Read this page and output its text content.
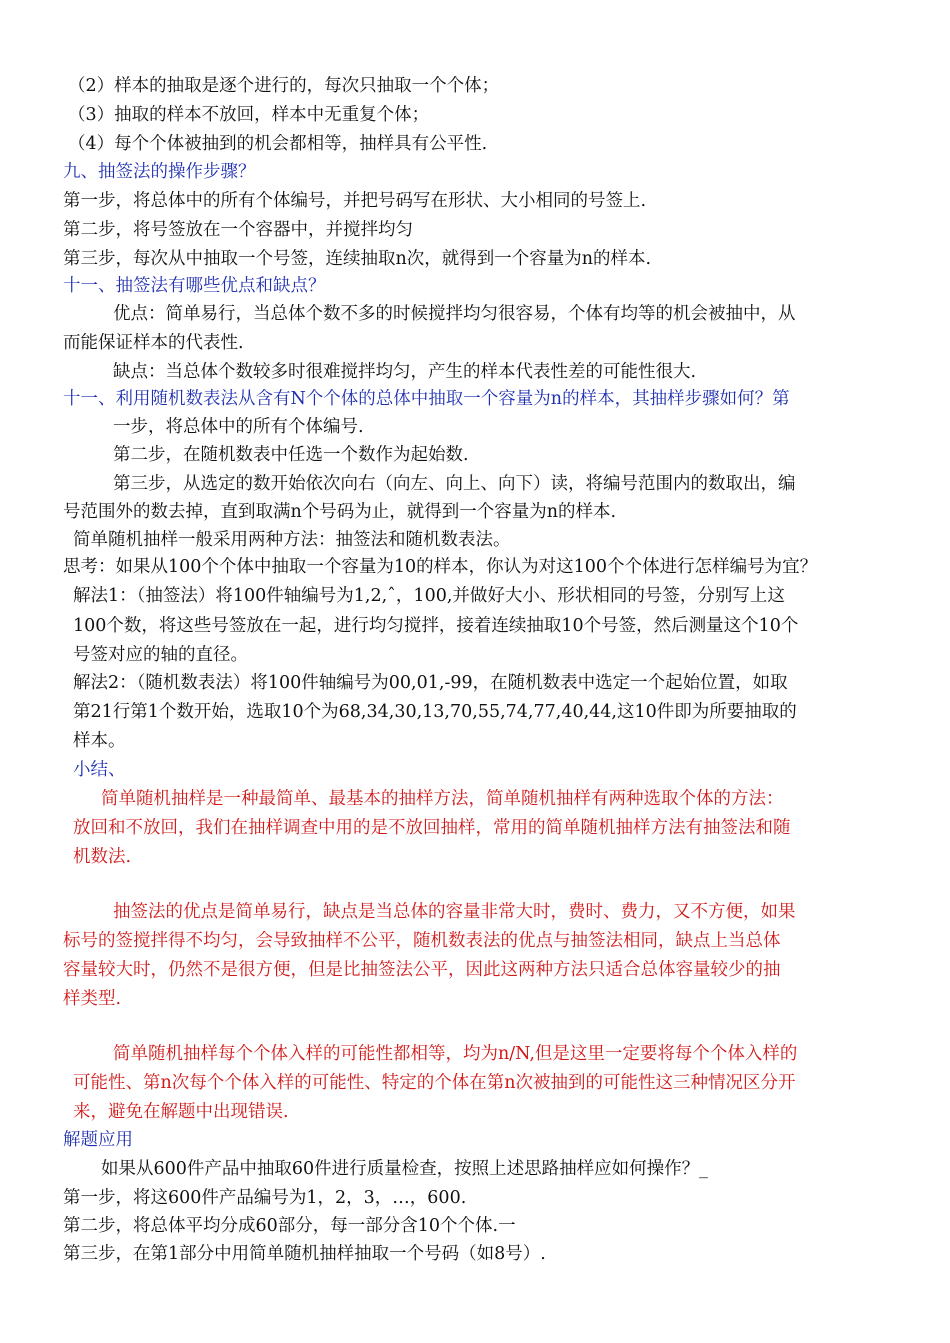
（2）样本的抽取是逐个进行的，每次只抽取一个个体；
（3）抽取的样本不放回，样本中无重复个体；
（4）每个个体被抽到的机会都相等，抽样具有公平性.
九、抽签法的操作步骤？
第一步，将总体中的所有个体编号，并把号码写在形状、大小相同的号签上.
第二步，将号签放在一个容器中，并搅拌均匀
第三步，每次从中抽取一个号签，连续抽取n次，就得到一个容量为n的样本.
十一、抽签法有哪些优点和缺点？
优点：简单易行，当总体个数不多的时候搅拌均匀很容易，个体有均等的机会被抽中，从
而能保证样本的代表性.
缺点：当总体个数较多时很难搅拌均匀，产生的样本代表性差的可能性很大.
十一、利用随机数表法从含有N个个体的总体中抽取一个容量为n的样本，其抽样步骤如何？第
一步，将总体中的所有个体编号.
第二步，在随机数表中任选一个数作为起始数.
第三步，从选定的数开始依次向右（向左、向上、向下）读，将编号范围内的数取出，编
号范围外的数去掉，直到取满n个号码为止，就得到一个容量为n的样本.
简单随机抽样一般采用两种方法：抽签法和随机数表法。
思考：如果从100个个体中抽取一个容量为10的样本，你认为对这100个个体进行怎样编号为宜？
解法1：（抽签法）将100件轴编号为1,2,ˆ，100,并做好大小、形状相同的号签，分别写上这
100个数，将这些号签放在一起，进行均匀搅拌，接着连续抽取10个号签，然后测量这个10个
号签对应的轴的直径。
解法2：（随机数表法）将100件轴编号为00,01,-99，在随机数表中选定一个起始位置，如取
第21行第1个数开始，选取10个为68,34,30,13,70,55,74,77,40,44,这10件即为所要抽取的
样本。
小结、
简单随机抽样是一种最简单、最基本的抽样方法，简单随机抽样有两种选取个体的方法：
放回和不放回，我们在抽样调查中用的是不放回抽样，常用的简单随机抽样方法有抽签法和随
机数法.
抽签法的优点是简单易行，缺点是当总体的容量非常大时，费时、费力，又不方便，如果
标号的签搅拌得不均匀，会导致抽样不公平，随机数表法的优点与抽签法相同，缺点上当总体
容量较大时，仍然不是很方便，但是比抽签法公平，因此这两种方法只适合总体容量较少的抽
样类型.
简单随机抽样每个个体入样的可能性都相等，均为n/N,但是这里一定要将每个个体入样的
可能性、第n次每个个体入样的可能性、特定的个体在第n次被抽到的可能性这三种情况区分开
来，避免在解题中出现错误.
解题应用
如果从600件产品中抽取60件进行质量检查，按照上述思路抽样应如何操作？_
第一步，将这600件产品编号为1，2，3，…，600.
第二步，将总体平均分成60部分，每一部分含10个个体.一
第三步，在第1部分中用简单随机抽样抽取一个号码（如8号）.
